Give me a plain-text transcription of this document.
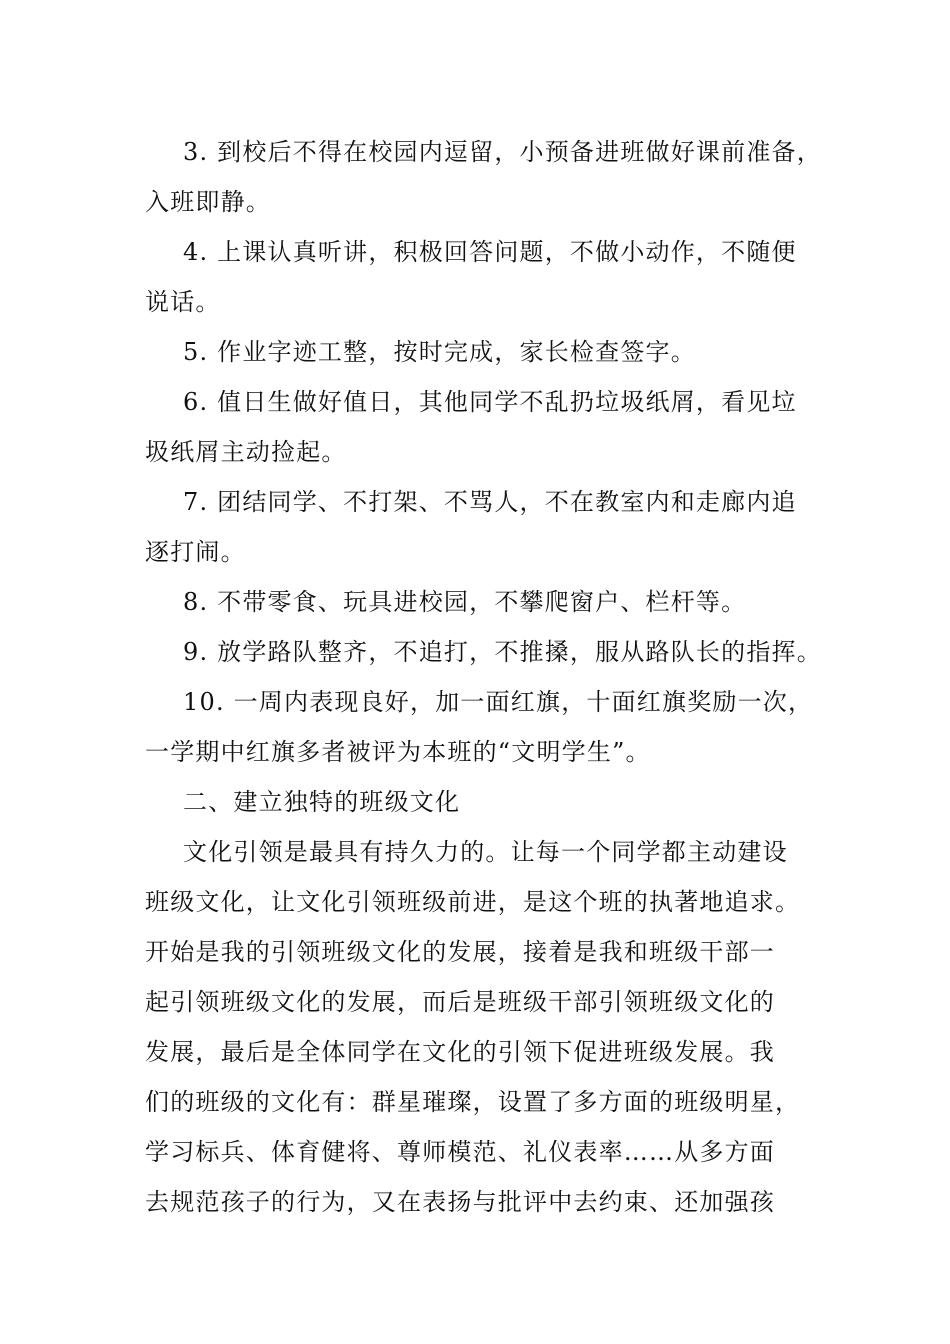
3. 到校后不得在校园内逗留，小预备进班做好课前准备，
入班即静。
4. 上课认真听讲，积极回答问题，不做小动作，不随便
说话。
5. 作业字迹工整，按时完成，家长检查签字。
6. 值日生做好值日，其他同学不乱扔垃圾纸屑，看见垃
圾纸屑主动捡起。
7. 团结同学、不打架、不骂人，不在教室内和走廊内追
逐打闹。
8. 不带零食、玩具进校园，不攀爬窗户、栏杆等。
9. 放学路队整齐，不追打，不推搡，服从路队长的指挥。
10. 一周内表现良好，加一面红旗，十面红旗奖励一次，
一学期中红旗多者被评为本班的“文明学生”。
二、建立独特的班级文化
文化引领是最具有持久力的。让每一个同学都主动建设
班级文化，让文化引领班级前进，是这个班的执著地追求。
开始是我的引领班级文化的发展，接着是我和班级干部一
起引领班级文化的发展，而后是班级干部引领班级文化的
发展，最后是全体同学在文化的引领下促进班级发展。我
们的班级的文化有：群星璀璨，设置了多方面的班级明星，
学习标兵、体育健将、尊师模范、礼仪表率……从多方面
去规范孩子的行为，又在表扬与批评中去约束、还加强孩
